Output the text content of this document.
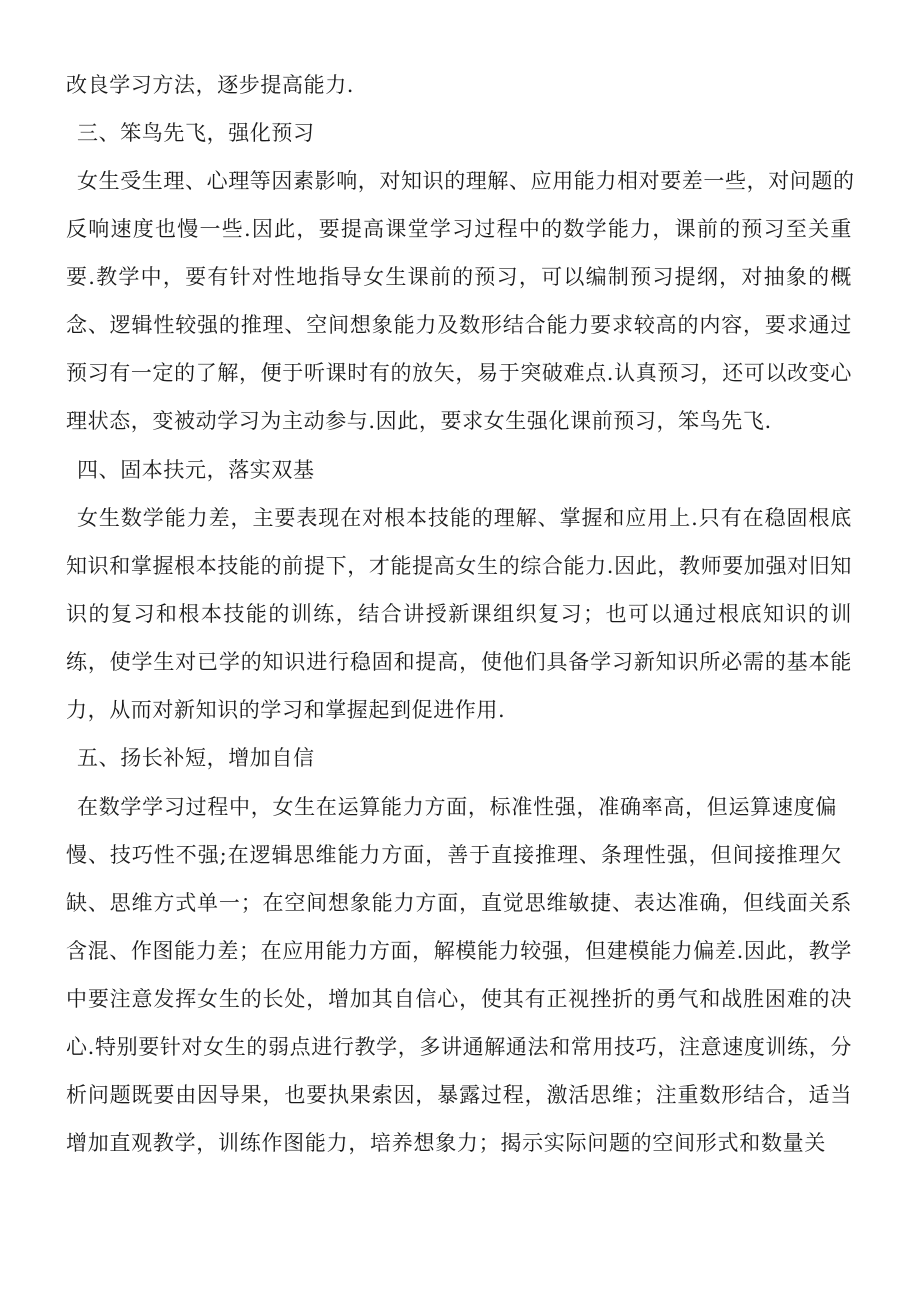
改良学习方法，逐步提高能力.
三、笨鸟先飞，强化预习
女生受生理、心理等因素影响，对知识的理解、应用能力相对要差一些，对问题的
反响速度也慢一些.因此，要提高课堂学习过程中的数学能力，课前的预习至关重
要.教学中，要有针对性地指导女生课前的预习，可以编制预习提纲，对抽象的概
念、逻辑性较强的推理、空间想象能力及数形结合能力要求较高的内容，要求通过
预习有一定的了解，便于听课时有的放矢，易于突破难点.认真预习，还可以改变心
理状态，变被动学习为主动参与.因此，要求女生强化课前预习，笨鸟先飞.
四、固本扶元，落实双基
女生数学能力差，主要表现在对根本技能的理解、掌握和应用上.只有在稳固根底
知识和掌握根本技能的前提下，才能提高女生的综合能力.因此，教师要加强对旧知
识的复习和根本技能的训练，结合讲授新课组织复习；也可以通过根底知识的训
练，使学生对已学的知识进行稳固和提高，使他们具备学习新知识所必需的基本能
力，从而对新知识的学习和掌握起到促进作用.
五、扬长补短，增加自信
在数学学习过程中，女生在运算能力方面，标准性强，准确率高，但运算速度偏
慢、技巧性不强;在逻辑思维能力方面，善于直接推理、条理性强，但间接推理欠
缺、思维方式单一；在空间想象能力方面，直觉思维敏捷、表达准确，但线面关系
含混、作图能力差；在应用能力方面，解模能力较强，但建模能力偏差.因此，教学
中要注意发挥女生的长处，增加其自信心，使其有正视挫折的勇气和战胜困难的决
心.特别要针对女生的弱点进行教学，多讲通解通法和常用技巧，注意速度训练，分
析问题既要由因导果，也要执果索因，暴露过程，激活思维；注重数形结合，适当
增加直观教学，训练作图能力，培养想象力；揭示实际问题的空间形式和数量关
